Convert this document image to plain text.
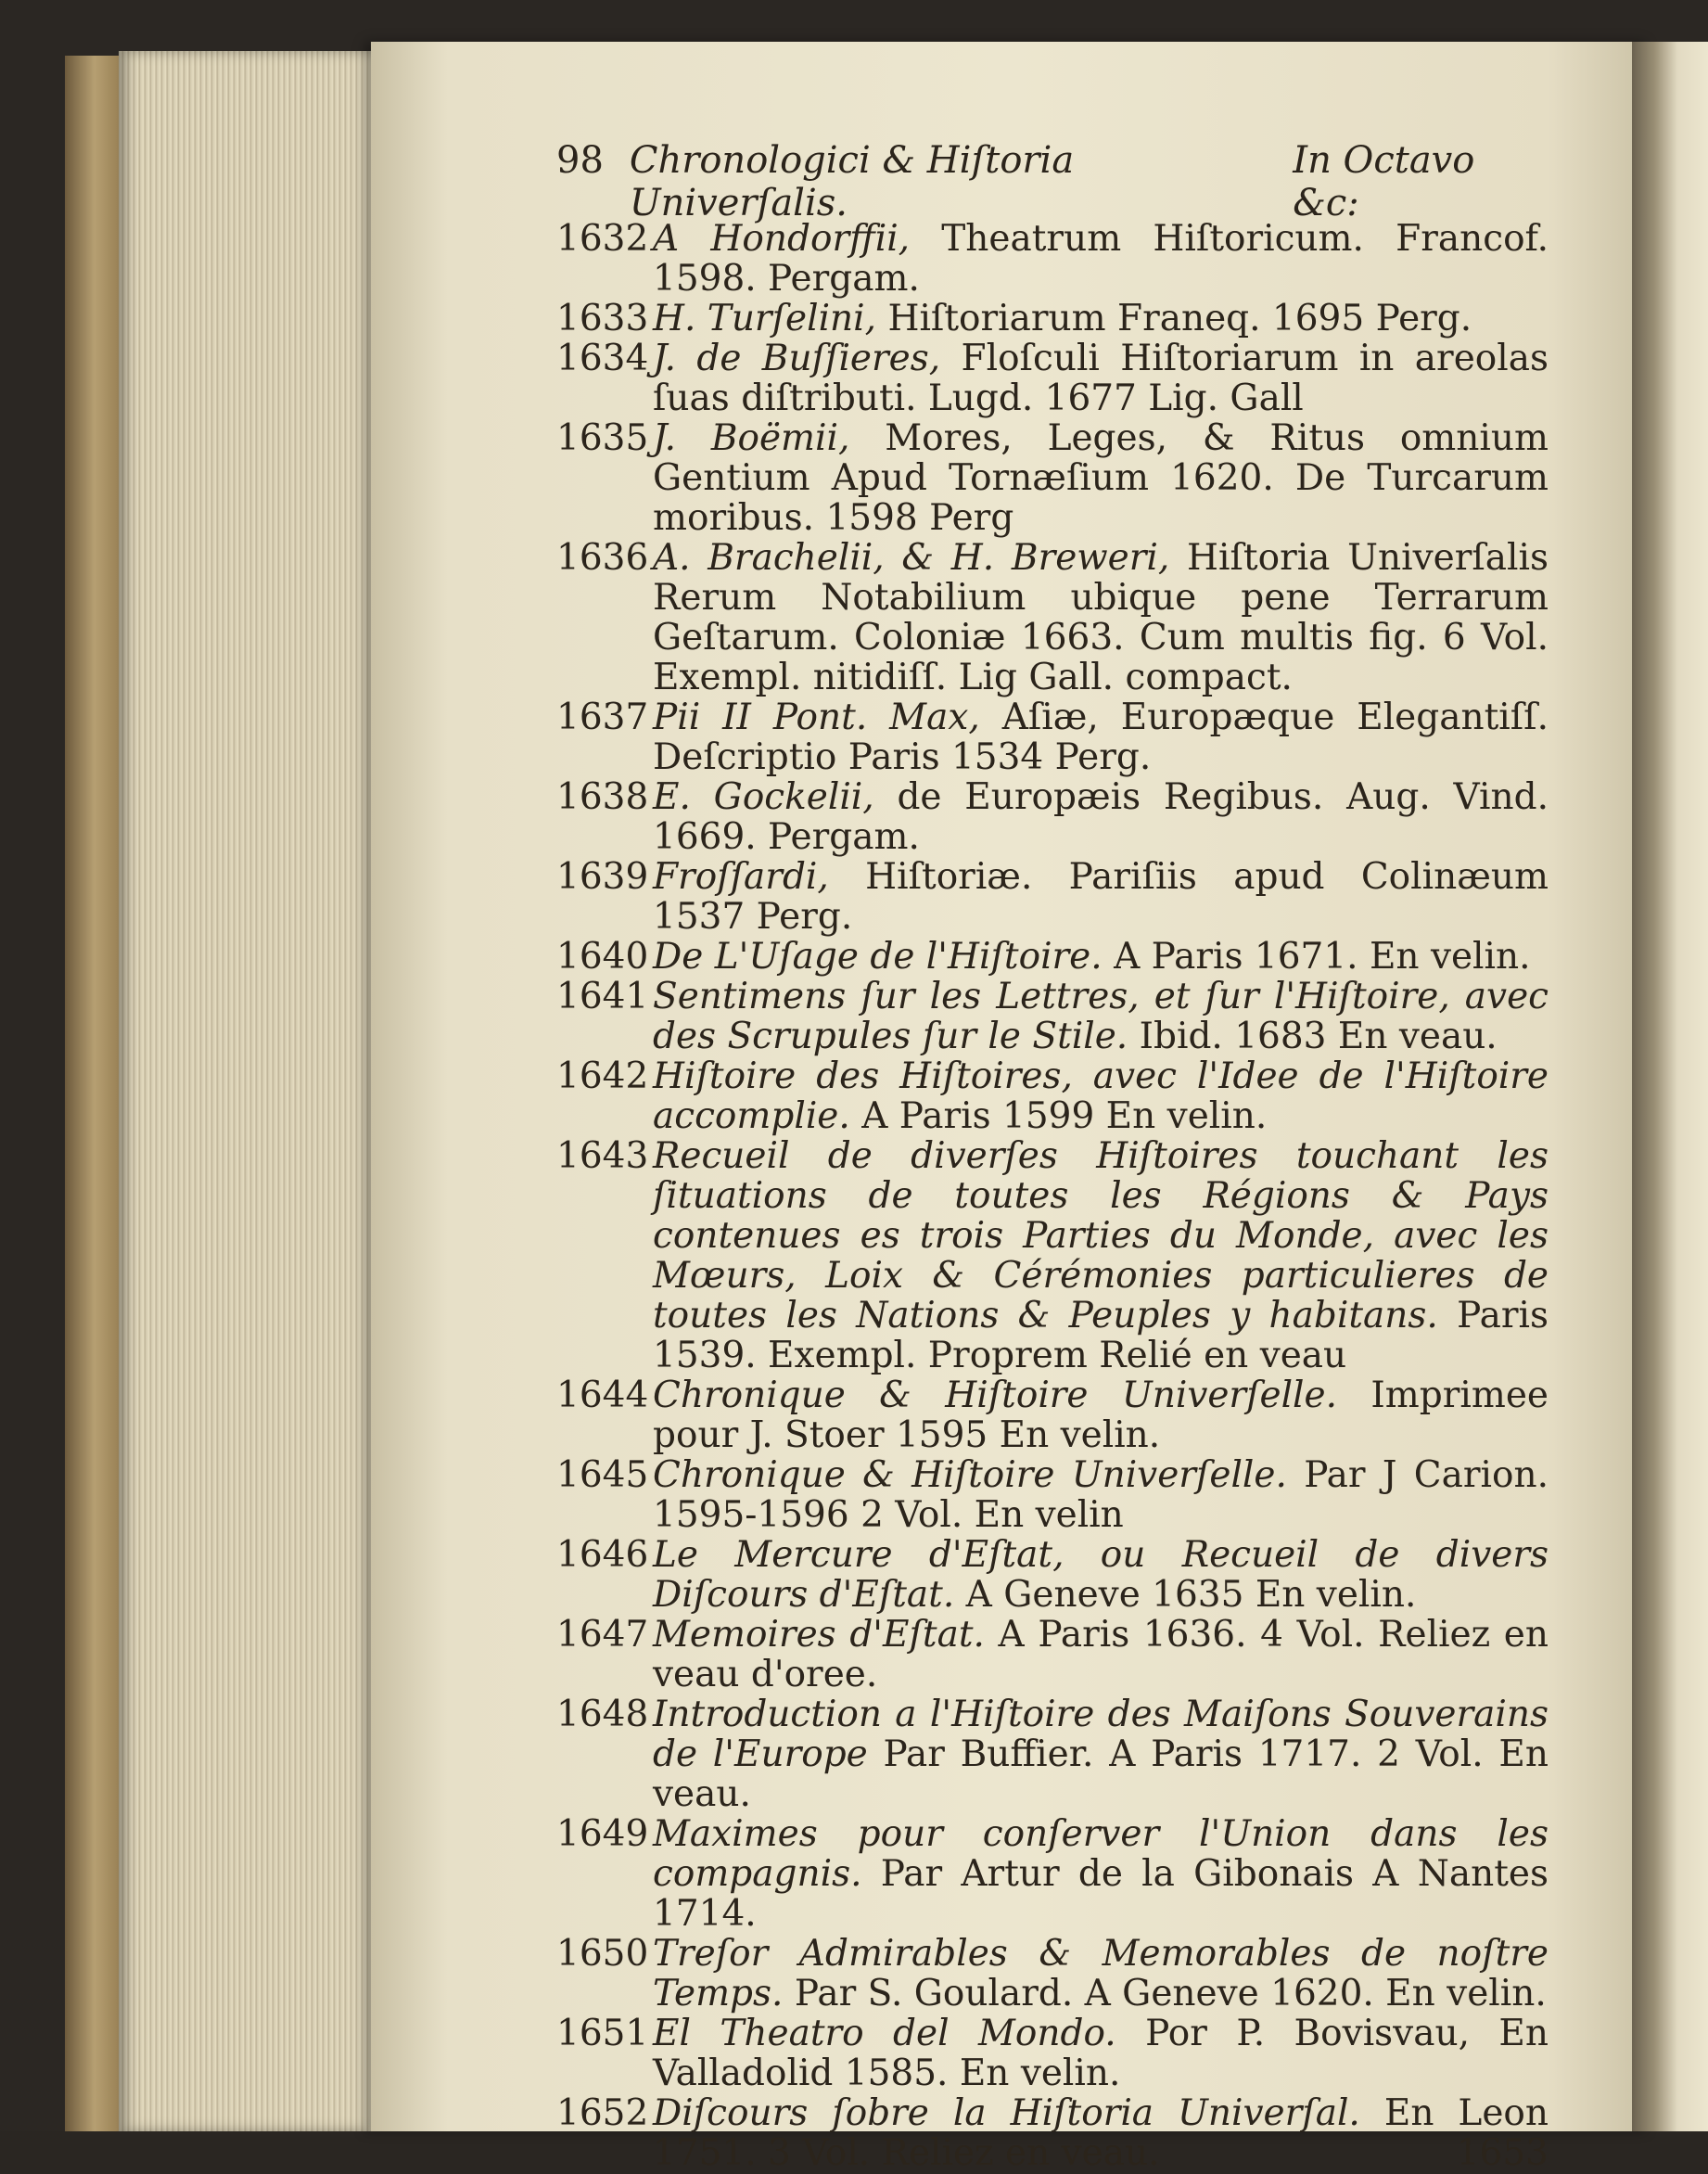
98 Chronologici & Hiſtoria Univerſalis.
In Octavo &c:

1632 A Hondorffii, Theatrum Hiſtoricum. Francof. 1598. Pergam.

1633 H. Turſelini, Hiſtoriarum Franeq. 1695 Perg.

1634 J. de Buſſieres, Floſculi Hiſtoriarum in areolas ſuas diſtributi. Lugd. 1677 Lig. Gall

1635 J. Boëmii, Mores, Leges, & Ritus omnium Gentium Apud Tornæſium 1620. De Turcarum moribus. 1598 Perg

1636 A. Brachelii, & H. Breweri, Hiſtoria Univerſalis Rerum Notabilium ubique pene Terrarum Geſtarum. Coloniæ 1663. Cum multis fig. 6 Vol. Exempl. nitidiſſ. Lig Gall. compact.

1637 Pii II Pont. Max, Aſiæ, Europæque Elegantiſſ. Deſcriptio Paris 1534 Perg.

1638 E. Gockelii, de Europæis Regibus. Aug. Vind. 1669. Pergam.

1639 Froſſardi, Hiſtoriæ. Pariſiis apud Colinæum 1537 Perg.

1640 De L'Uſage de l'Hiſtoire. A Paris 1671. En velin.

1641 Sentimens ſur les Lettres, et ſur l'Hiſtoire, avec des Scrupules ſur le Stile. Ibid. 1683 En veau.

1642 Hiſtoire des Hiſtoires, avec l'Idee de l'Hiſtoire accomplie. A Paris 1599 En velin.

1643 Recueil de diverſes Hiſtoires touchant les ſituations de toutes les Régions & Pays contenues es trois Parties du Monde, avec les Mœurs, Loix & Cérémonies particulieres de toutes les Nations & Peuples y habitans. Paris 1539. Exempl. Proprem Relié en veau

1644 Chronique & Hiſtoire Univerſelle. Imprimee pour J. Stoer 1595 En velin.

1645 Chronique & Hiſtoire Univerſelle. Par J Carion. 1595-1596 2 Vol. En velin

1646 Le Mercure d'Eſtat, ou Recueil de divers Diſcours d'Eſtat. A Geneve 1635 En velin.

1647 Memoires d'Eſtat. A Paris 1636. 4 Vol. Reliez en veau d'oree.

1648 Introduction a l'Hiſtoire des Maiſons Souverains de l'Europe Par Buffier. A Paris 1717. 2 Vol. En veau.

1649 Maximes pour conſerver l'Union dans les compagnis. Par Artur de la Gibonais A Nantes 1714.

1650 Treſor Admirables & Memorables de noſtre Temps. Par S. Goulard. A Geneve 1620. En velin.

1651 El Theatro del Mondo. Por P. Bovisvau, En Valladolid 1585. En velin.

1652 Diſcours ſobre la Hiſtoria Univerſal. En Leon 1751. 3 Vol. Reliez en veau.	1653
